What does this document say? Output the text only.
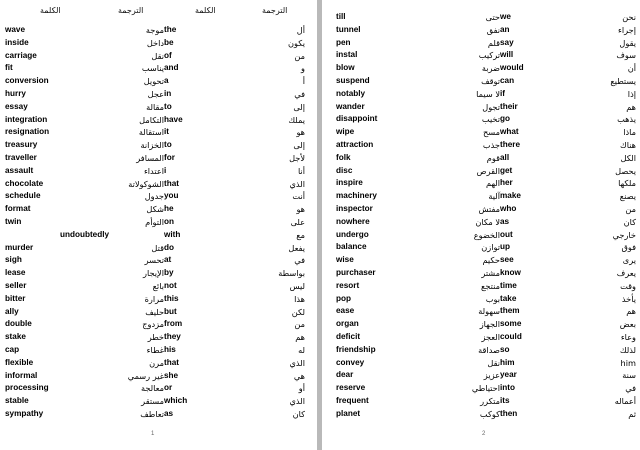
الكلمة	الترجمة	الكلمة	الترجمة
wave	موجة	the	أل
inside	داخل	be	يكون
carriage	نقل	of	من
fit	يناسب	and	و
conversion	تحويل	a	أ
hurry	عجل	in	في
essay	مقالة	to	إلى
integration	التكامل	have	يملك
resignation	استقالة	it	هو
treasury	الخزانة	to	إلى
traveller	المسافر	for	لأجل
assault	اعتداء	i	أنا
chocolate	الشوكولاتة	that	الذي
schedule	جدول	you	أنت
format	شكل	he	هو
twin	التوأم	on	على
undoubtedly		with	مع
murder	قتل	do	يفعل
sigh	تحسر	at	في
lease	الإيجار	by	بواسطة
seller	بائع	not	ليس
bitter	مرارة	this	هذا
ally	حليف	but	لكن
double	مزدوج	from	من
stake	خطر	they	هم
cap	غطاء	his	له
flexible	مرن	that	الذي
informal	غير رسمي	she	هي
processing	معالجة	or	أو
stable	مستقر	which	الذي
sympathy	تعاطف	as	كان
1
till	حتى	we	نحن
tunnel	نفق	an	إجراء
pen	قلم	say	يقول
instal	تركيب	will	سوف
blow	ضربة	would	أن
suspend	توقف	can	يستطيع
notably	لا سيما	if	إذا
wander	تجول	their	هم
disappoint	تخيب	go	يذهب
wipe	مسح	what	ماذا
attraction	جذب	there	هناك
folk	قوم	all	الكل
disc	القرص	get	يحصل
inspire	الهم	her	ملكها
machinery	آلية	make	يصنع
inspector	مفتش	who	من
nowhere	لا مكان	as	كان
undergo	الخضوع	out	خارجي
balance	توازن	up	فوق
wise	حكيم	see	يرى
purchaser	مشتر	know	يعرف
resort	منتجع	time	وقت
pop	بوب	take	يأخذ
ease	سهولة	them	هم
organ	الجهاز	some	بعض
deficit	العجز	could	وعاء
friendship	صداقة	so	لذلك
convey	نقل	him	him
dear	عزيز	year	سنة
reserve	احتياطي	into	في
frequent	متكرر	its	أعماله
planet	كوكب	then	ثم
2
